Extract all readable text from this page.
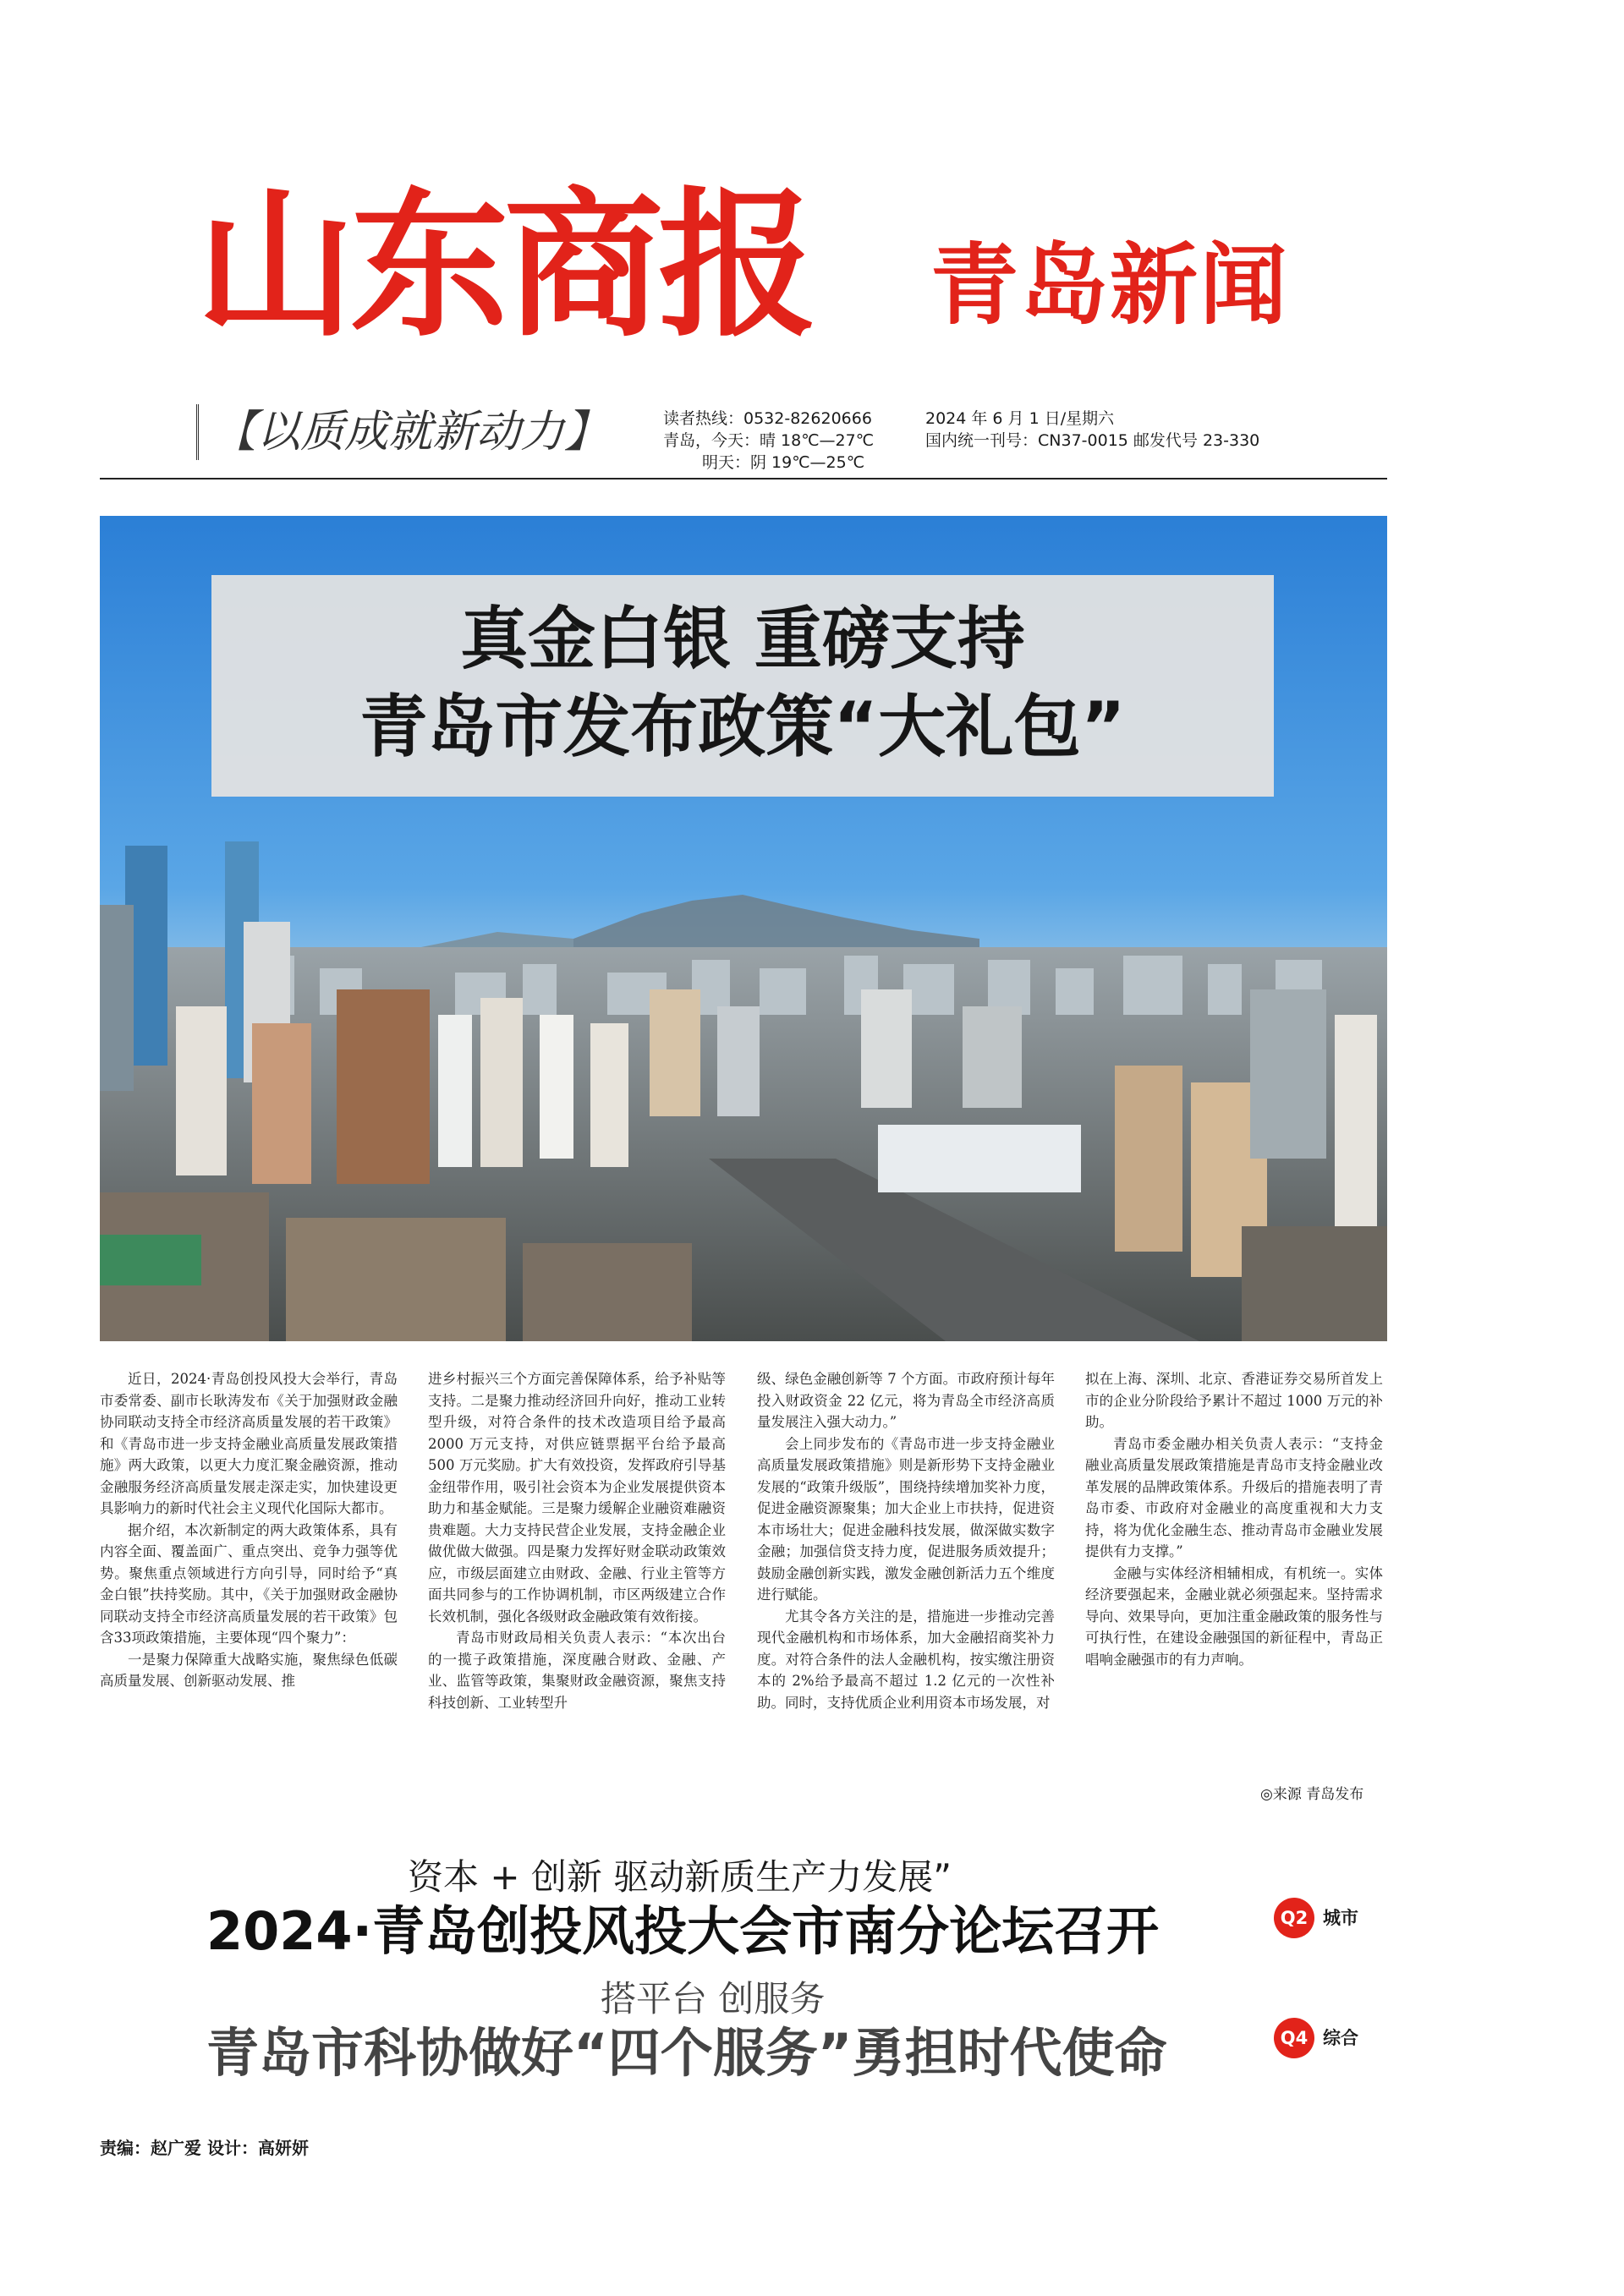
山东商报	青岛新闻
【以质成就新动力】	读者热线：0532-82620666
青岛，今天：晴 18℃—27℃
明天：阴 19℃—25℃
2024 年 6 月 1 日/星期六
国内统一刊号：CN37-0015 邮发代号 23-330
真金白银 重磅支持
青岛市发布政策“大礼包”

近日，2024·青岛创投风投大会举行，青岛市委常委、副市长耿涛发布《关于加强财政金融协同联动支持全市经济高质量发展的若干政策》和《青岛市进一步支持金融业高质量发展政策措施》两大政策，以更大力度汇聚金融资源，推动金融服务经济高质量发展走深走实，加快建设更具影响力的新时代社会主义现代化国际大都市。

据介绍，本次新制定的两大政策体系，具有内容全面、覆盖面广、重点突出、竞争力强等优势。聚焦重点领域进行方向引导，同时给予“真金白银”扶持奖励。其中，《关于加强财政金融协同联动支持全市经济高质量发展的若干政策》包含33项政策措施，主要体现“四个聚力”：

一是聚力保障重大战略实施，聚焦绿色低碳高质量发展、创新驱动发展、推

进乡村振兴三个方面完善保障体系，给予补贴等支持。二是聚力推动经济回升向好，推动工业转型升级，对符合条件的技术改造项目给予最高 2000 万元支持，对供应链票据平台给予最高 500 万元奖励。扩大有效投资，发挥政府引导基金纽带作用，吸引社会资本为企业发展提供资本助力和基金赋能。三是聚力缓解企业融资难融资贵难题。大力支持民营企业发展，支持金融企业做优做大做强。四是聚力发挥好财金联动政策效应，市级层面建立由财政、金融、行业主管等方面共同参与的工作协调机制，市区两级建立合作长效机制，强化各级财政金融政策有效衔接。

青岛市财政局相关负责人表示：“本次出台的一揽子政策措施，深度融合财政、金融、产业、监管等政策，集聚财政金融资源，聚焦支持科技创新、工业转型升

级、绿色金融创新等 7 个方面。市政府预计每年投入财政资金 22 亿元，将为青岛全市经济高质量发展注入强大动力。”

会上同步发布的《青岛市进一步支持金融业高质量发展政策措施》则是新形势下支持金融业发展的“政策升级版”，围绕持续增加奖补力度，促进金融资源聚集；加大企业上市扶持，促进资本市场壮大；促进金融科技发展，做深做实数字金融；加强信贷支持力度，促进服务质效提升；鼓励金融创新实践，激发金融创新活力五个维度进行赋能。

尤其令各方关注的是，措施进一步推动完善现代金融机构和市场体系，加大金融招商奖补力度。对符合条件的法人金融机构，按实缴注册资本的 2%给予最高不超过 1.2 亿元的一次性补助。同时，支持优质企业利用资本市场发展，对

拟在上海、深圳、北京、香港证券交易所首发上市的企业分阶段给予累计不超过 1000 万元的补助。

青岛市委金融办相关负责人表示：“支持金融业高质量发展政策措施是青岛市支持金融业改革发展的品牌政策体系。升级后的措施表明了青岛市委、市政府对金融业的高度重视和大力支持，将为优化金融生态、推动青岛市金融业发展提供有力支撑。”

金融与实体经济相辅相成，有机统一。实体经济要强起来，金融业就必须强起来。坚持需求导向、效果导向，更加注重金融政策的服务性与可执行性，在建设金融强国的新征程中，青岛正唱响金融强市的有力声响。

◎来源 青岛发布
资本 + 创新 驱动新质生产力发展”
2024·青岛创投风投大会市南分论坛召开	Q2 城市
搭平台 创服务
青岛市科协做好“四个服务”勇担时代使命	Q4 综合
责编：赵广爱 设计：高妍妍
